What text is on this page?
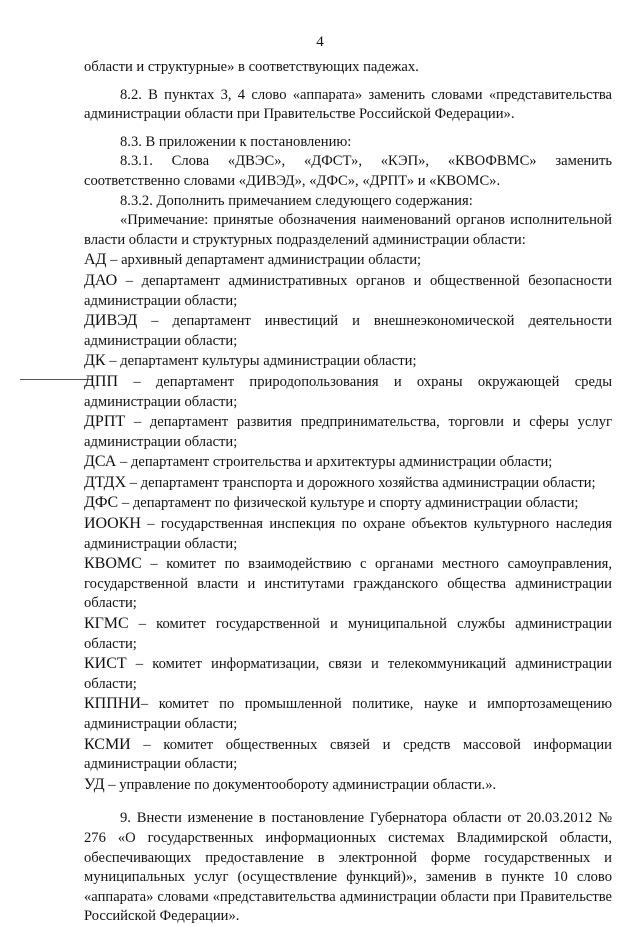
4

области и структурные» в соответствующих падежах.

8.2. В пунктах 3, 4 слово «аппарата» заменить словами «представительства администрации области при Правительстве Российской Федерации».

8.3. В приложении к постановлению:

8.3.1. Слова «ДВЭС», «ДФСТ», «КЭП», «КВОФВМС» заменить соответственно словами «ДИВЭД», «ДФС», «ДРПТ» и «КВОМС».

8.3.2. Дополнить примечанием следующего содержания:

«Примечание: принятые обозначения наименований органов исполнительной власти области и структурных подразделений администрации области:

АД – архивный департамент администрации области;

ДАО – департамент административных органов и общественной безопасности администрации области;

ДИВЭД – департамент инвестиций и внешнеэкономической деятельности администрации области;

ДК – департамент культуры администрации области;

ДПП – департамент природопользования и охраны окружающей среды администрации области;

ДРПТ – департамент развития предпринимательства, торговли и сферы услуг администрации области;

ДСА – департамент строительства и архитектуры администрации области;

ДТДХ – департамент транспорта и дорожного хозяйства администрации области;

ДФС – департамент по физической культуре и спорту администрации области;

ИООКН – государственная инспекция по охране объектов культурного наследия администрации области;

КВОМС – комитет по взаимодействию с органами местного самоуправления, государственной власти и институтами гражданского общества администрации области;

КГМС – комитет государственной и муниципальной службы администрации области;

КИСТ – комитет информатизации, связи и телекоммуникаций администрации области;

КППНИ– комитет по промышленной политике, науке и импортозамещению администрации области;

КСМИ – комитет общественных связей и средств массовой информации администрации области;

УД – управление по документообороту администрации области.».

9. Внести изменение в постановление Губернатора области от 20.03.2012 № 276 «О государственных информационных системах Владимирской области, обеспечивающих предоставление в электронной форме государственных и муниципальных услуг (осуществление функций)», заменив в пункте 10 слово «аппарата» словами «представительства администрации области при Правительстве Российской Федерации».
